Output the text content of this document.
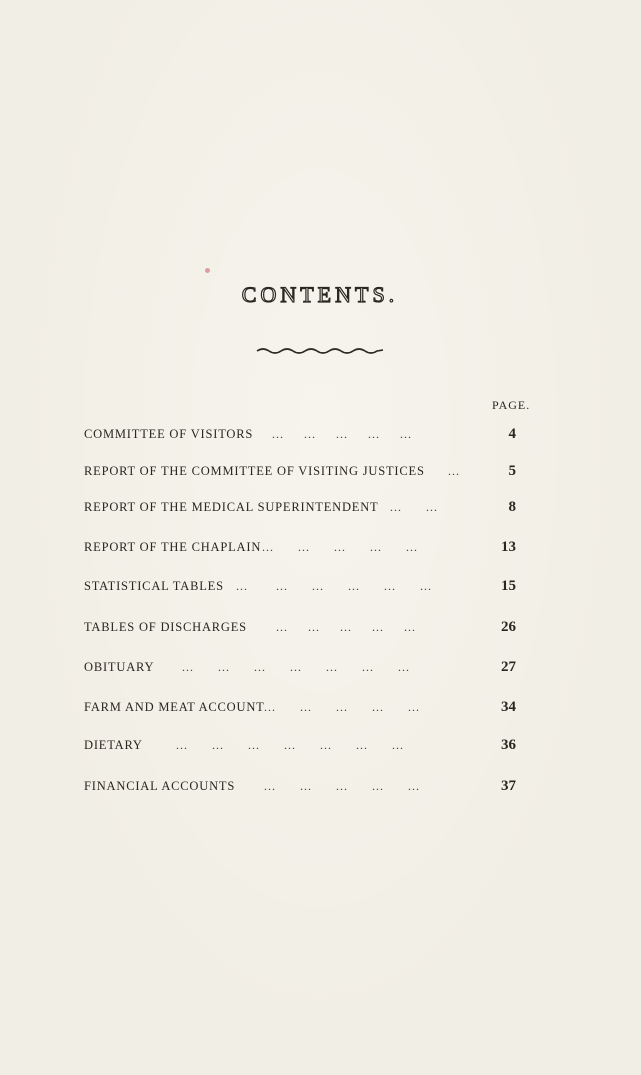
CONTENTS.
PAGE.
COMMITTEE OF VISITORS ...     ...     ...     ...     ...	4
REPORT OF THE COMMITTEE OF VISITING JUSTICES ...	5
REPORT OF THE MEDICAL SUPERINTENDENT ...      ...	8
REPORT OF THE CHAPLAIN ...      ...      ...      ...      ...	13
STATISTICAL TABLES ...       ...      ...      ...      ...      ...	15
TABLES OF DISCHARGES ...     ...     ...     ...     ...	26
OBITUARY ...      ...      ...      ...      ...      ...      ...	27
FARM AND MEAT ACCOUNT ...      ...      ...      ...      ...	34
DIETARY	...      ...      ...      ...      ...      ...      ...	36
FINANCIAL ACCOUNTS ...      ...      ...      ...      ...	37
